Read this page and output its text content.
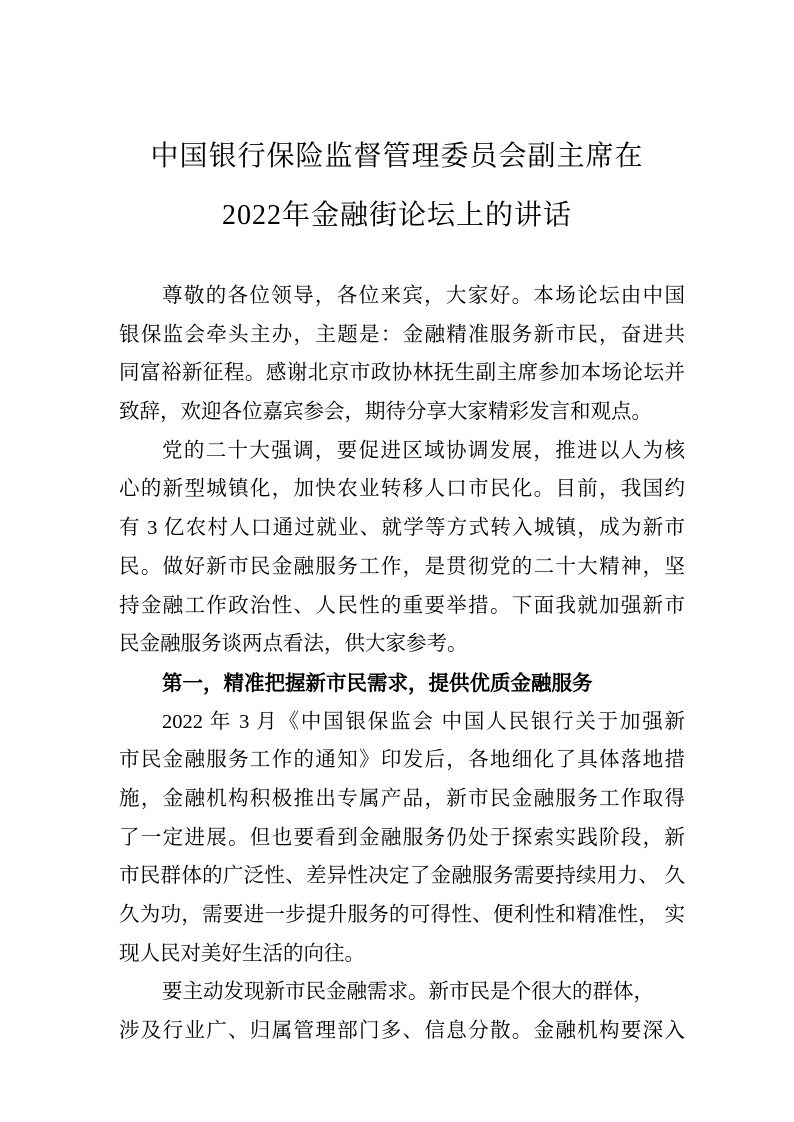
中国银行保险监督管理委员会副主席在
2022年金融街论坛上的讲话
尊敬的各位领导，各位来宾，大家好。本场论坛由中国
银保监会牵头主办，主题是：金融精准服务新市民，奋进共
同富裕新征程。感谢北京市政协林抚生副主席参加本场论坛并
致辞，欢迎各位嘉宾参会，期待分享大家精彩发言和观点。
党的二十大强调，要促进区域协调发展，推进以人为核
心的新型城镇化，加快农业转移人口市民化。目前，我国约
有 3 亿农村人口通过就业、就学等方式转入城镇，成为新市
民。做好新市民金融服务工作，是贯彻党的二十大精神，坚
持金融工作政治性、人民性的重要举措。下面我就加强新市
民金融服务谈两点看法，供大家参考。
第一，精准把握新市民需求，提供优质金融服务
2022 年 3 月《中国银保监会 中国人民银行关于加强新
市民金融服务工作的通知》印发后，各地细化了具体落地措
施，金融机构积极推出专属产品，新市民金融服务工作取得
了一定进展。但也要看到金融服务仍处于探索实践阶段，新
市民群体的广泛性、差异性决定了金融服务需要持续用力、 久
久为功，需要进一步提升服务的可得性、便利性和精准性， 实
现人民对美好生活的向往。
要主动发现新市民金融需求。新市民是个很大的群体，
涉及行业广、归属管理部门多、信息分散。金融机构要深入
